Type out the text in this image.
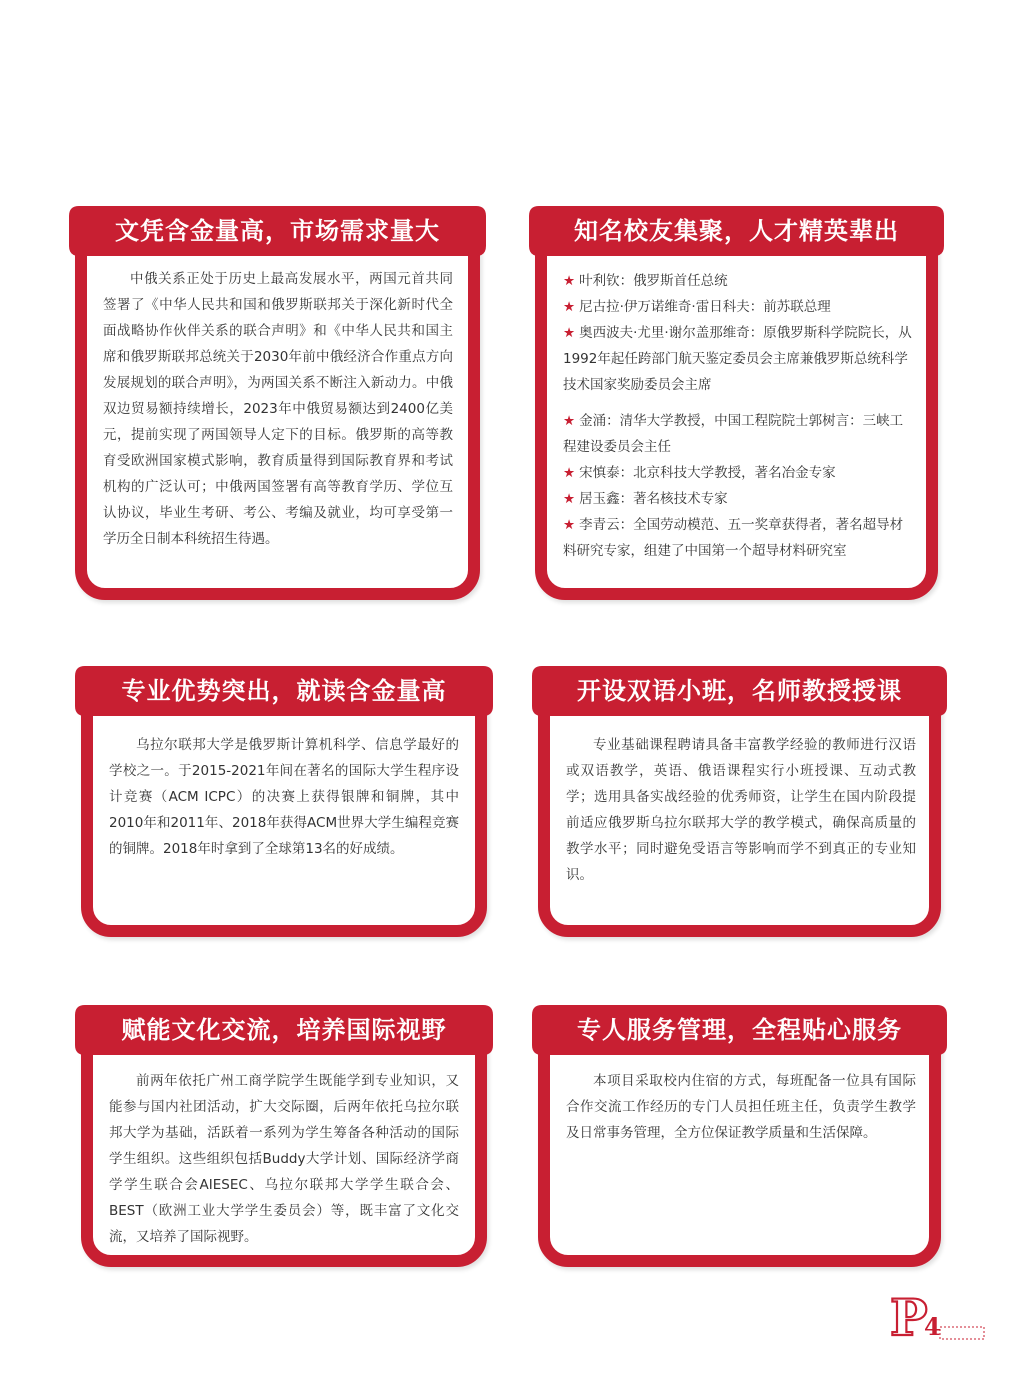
文凭含金量高，市场需求量大

中俄关系正处于历史上最高发展水平，两国元首共同签署了《中华人民共和国和俄罗斯联邦关于深化新时代全面战略协作伙伴关系的联合声明》和《中华人民共和国主席和俄罗斯联邦总统关于2030年前中俄经济合作重点方向发展规划的联合声明》，为两国关系不断注入新动力。中俄双边贸易额持续增长，2023年中俄贸易额达到2400亿美元，提前实现了两国领导人定下的目标。俄罗斯的高等教育受欧洲国家模式影响，教育质量得到国际教育界和考试机构的广泛认可；中俄两国签署有高等教育学历、学位互认协议，毕业生考研、考公、考编及就业，均可享受第一学历全日制本科统招生待遇。

知名校友集聚，人才精英辈出
★ 叶利钦：俄罗斯首任总统
★ 尼古拉·伊万诺维奇·雷日科夫：前苏联总理
★ 奥西波夫·尤里·谢尔盖那维奇：原俄罗斯科学院院长，从1992年起任跨部门航天鉴定委员会主席兼俄罗斯总统科学技术国家奖励委员会主席
★ 金涌：清华大学教授，中国工程院院士郭树言：三峡工程建设委员会主任
★ 宋慎泰：北京科技大学教授，著名冶金专家
★ 居玉鑫：著名核技术专家
★ 李青云：全国劳动模范、五一奖章获得者，著名超导材料研究专家，组建了中国第一个超导材料研究室
专业优势突出，就读含金量高

乌拉尔联邦大学是俄罗斯计算机科学、信息学最好的学校之一。于2015-2021年间在著名的国际大学生程序设计竞赛（ACM ICPC）的决赛上获得银牌和铜牌，其中2010年和2011年、2018年获得ACM世界大学生编程竞赛的铜牌。2018年时拿到了全球第13名的好成绩。

开设双语小班，名师教授授课

专业基础课程聘请具备丰富教学经验的教师进行汉语或双语教学，英语、俄语课程实行小班授课、互动式教学；选用具备实战经验的优秀师资，让学生在国内阶段提前适应俄罗斯乌拉尔联邦大学的教学模式，确保高质量的教学水平；同时避免受语言等影响而学不到真正的专业知识。

赋能文化交流，培养国际视野

前两年依托广州工商学院学生既能学到专业知识，又能参与国内社团活动，扩大交际圈，后两年依托乌拉尔联邦大学为基础，活跃着一系列为学生筹备各种活动的国际学生组织。这些组织包括Buddy大学计划、国际经济学商学学生联合会AIESEC、乌拉尔联邦大学学生联合会、BEST（欧洲工业大学学生委员会）等，既丰富了文化交流，又培养了国际视野。

专人服务管理，全程贴心服务

本项目采取校内住宿的方式，每班配备一位具有国际合作交流工作经历的专门人员担任班主任，负责学生教学及日常事务管理，全方位保证教学质量和生活保障。

P
4
